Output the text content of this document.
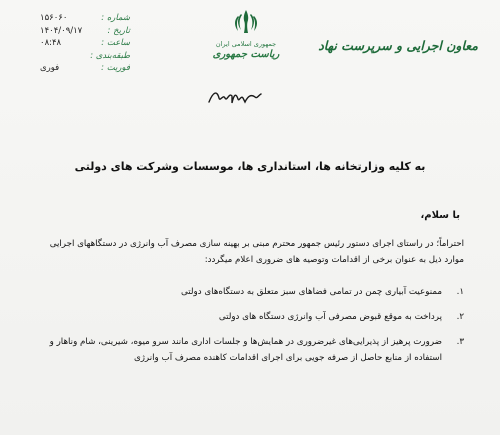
شماره :
۱۵۶۰۶۰
تاریخ :
۱۴۰۴/۰۹/۱۷
ساعت :
۰۸:۴۸
طبقه‌بندی :
فوریت :
فوری
جمهوری اسلامی ایران
ریاست جمهوری
معاون اجرایی و سرپرست نهاد
به کلیه وزارتخانه ها، استانداری ها، موسسات وشرکت های دولتی
با سلام،
احتراماً؛ در راستای اجرای دستور رئیس جمهور محترم مبنی بر بهینه سازی مصرف آب وانرژی در دستگاههای اجرایی موارد ذیل به عنوان برخی از اقدامات وتوصیه های ضروری اعلام میگردد:
۱.
ممنوعیت آبیاری چمن در تمامی فضاهای سبز متعلق به دستگاه‌های دولتی
۲.
پرداخت به موقع قبوض مصرفی آب وانرژی دستگاه های دولتی
۳.
ضرورت پرهیز از پذیرایی‌های غیرضروری در همایش‌ها و جلسات اداری مانند سرو میوه، شیرینی، شام وناهار و استفاده از منابع حاصل از صرفه جویی برای اجرای اقدامات کاهنده مصرف آب وانرژی
